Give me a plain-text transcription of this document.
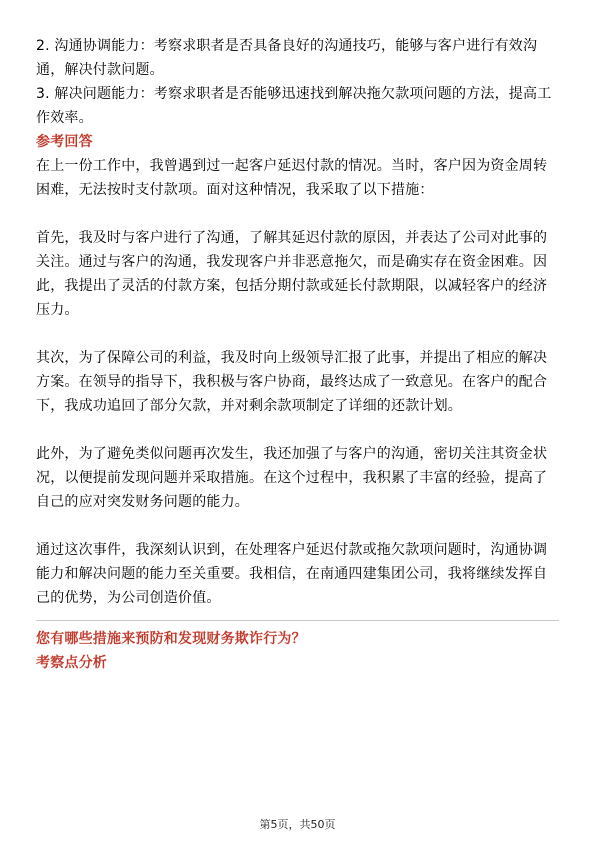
2. 沟通协调能力：考察求职者是否具备良好的沟通技巧，能够与客户进行有效沟通，解决付款问题。

3. 解决问题能力：考察求职者是否能够迅速找到解决拖欠款项问题的方法，提高工作效率。

参考回答

在上一份工作中，我曾遇到过一起客户延迟付款的情况。当时，客户因为资金周转困难，无法按时支付款项。面对这种情况，我采取了以下措施：

首先，我及时与客户进行了沟通，了解其延迟付款的原因，并表达了公司对此事的关注。通过与客户的沟通，我发现客户并非恶意拖欠，而是确实存在资金困难。因此，我提出了灵活的付款方案，包括分期付款或延长付款期限，以减轻客户的经济压力。

其次，为了保障公司的利益，我及时向上级领导汇报了此事，并提出了相应的解决方案。在领导的指导下，我积极与客户协商，最终达成了一致意见。在客户的配合下，我成功追回了部分欠款，并对剩余款项制定了详细的还款计划。

此外，为了避免类似问题再次发生，我还加强了与客户的沟通，密切关注其资金状况，以便提前发现问题并采取措施。在这个过程中，我积累了丰富的经验，提高了自己的应对突发财务问题的能力。

通过这次事件，我深刻认识到，在处理客户延迟付款或拖欠款项问题时，沟通协调能力和解决问题的能力至关重要。我相信，在南通四建集团公司，我将继续发挥自己的优势，为公司创造价值。

您有哪些措施来预防和发现财务欺诈行为？

考察点分析

第5页，共50页
